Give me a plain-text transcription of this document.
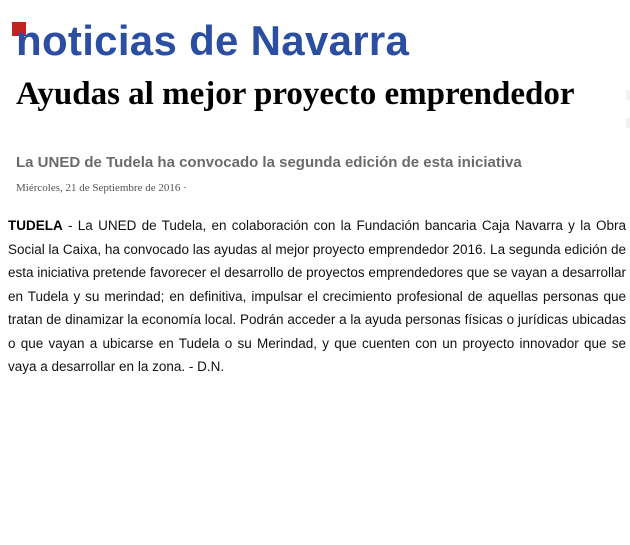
noticias de Navarra
Ayudas al mejor proyecto emprendedor

La UNED de Tudela ha convocado la segunda edición de esta iniciativa

Miércoles, 21 de Septiembre de 2016 ·

TUDELA - La UNED de Tudela, en colaboración con la Fundación bancaria Caja Navarra y la Obra Social la Caixa, ha convocado las ayudas al mejor proyecto emprendedor 2016. La segunda edición de esta iniciativa pretende favorecer el desarrollo de proyectos emprendedores que se vayan a desarrollar en Tudela y su merindad; en definitiva, impulsar el crecimiento profesional de aquellas personas que tratan de dinamizar la economía local. Podrán acceder a la ayuda personas físicas o jurídicas ubicadas o que vayan a ubicarse en Tudela o su Merindad, y que cuenten con un proyecto innovador que se vaya a desarrollar en la zona. - D.N.
